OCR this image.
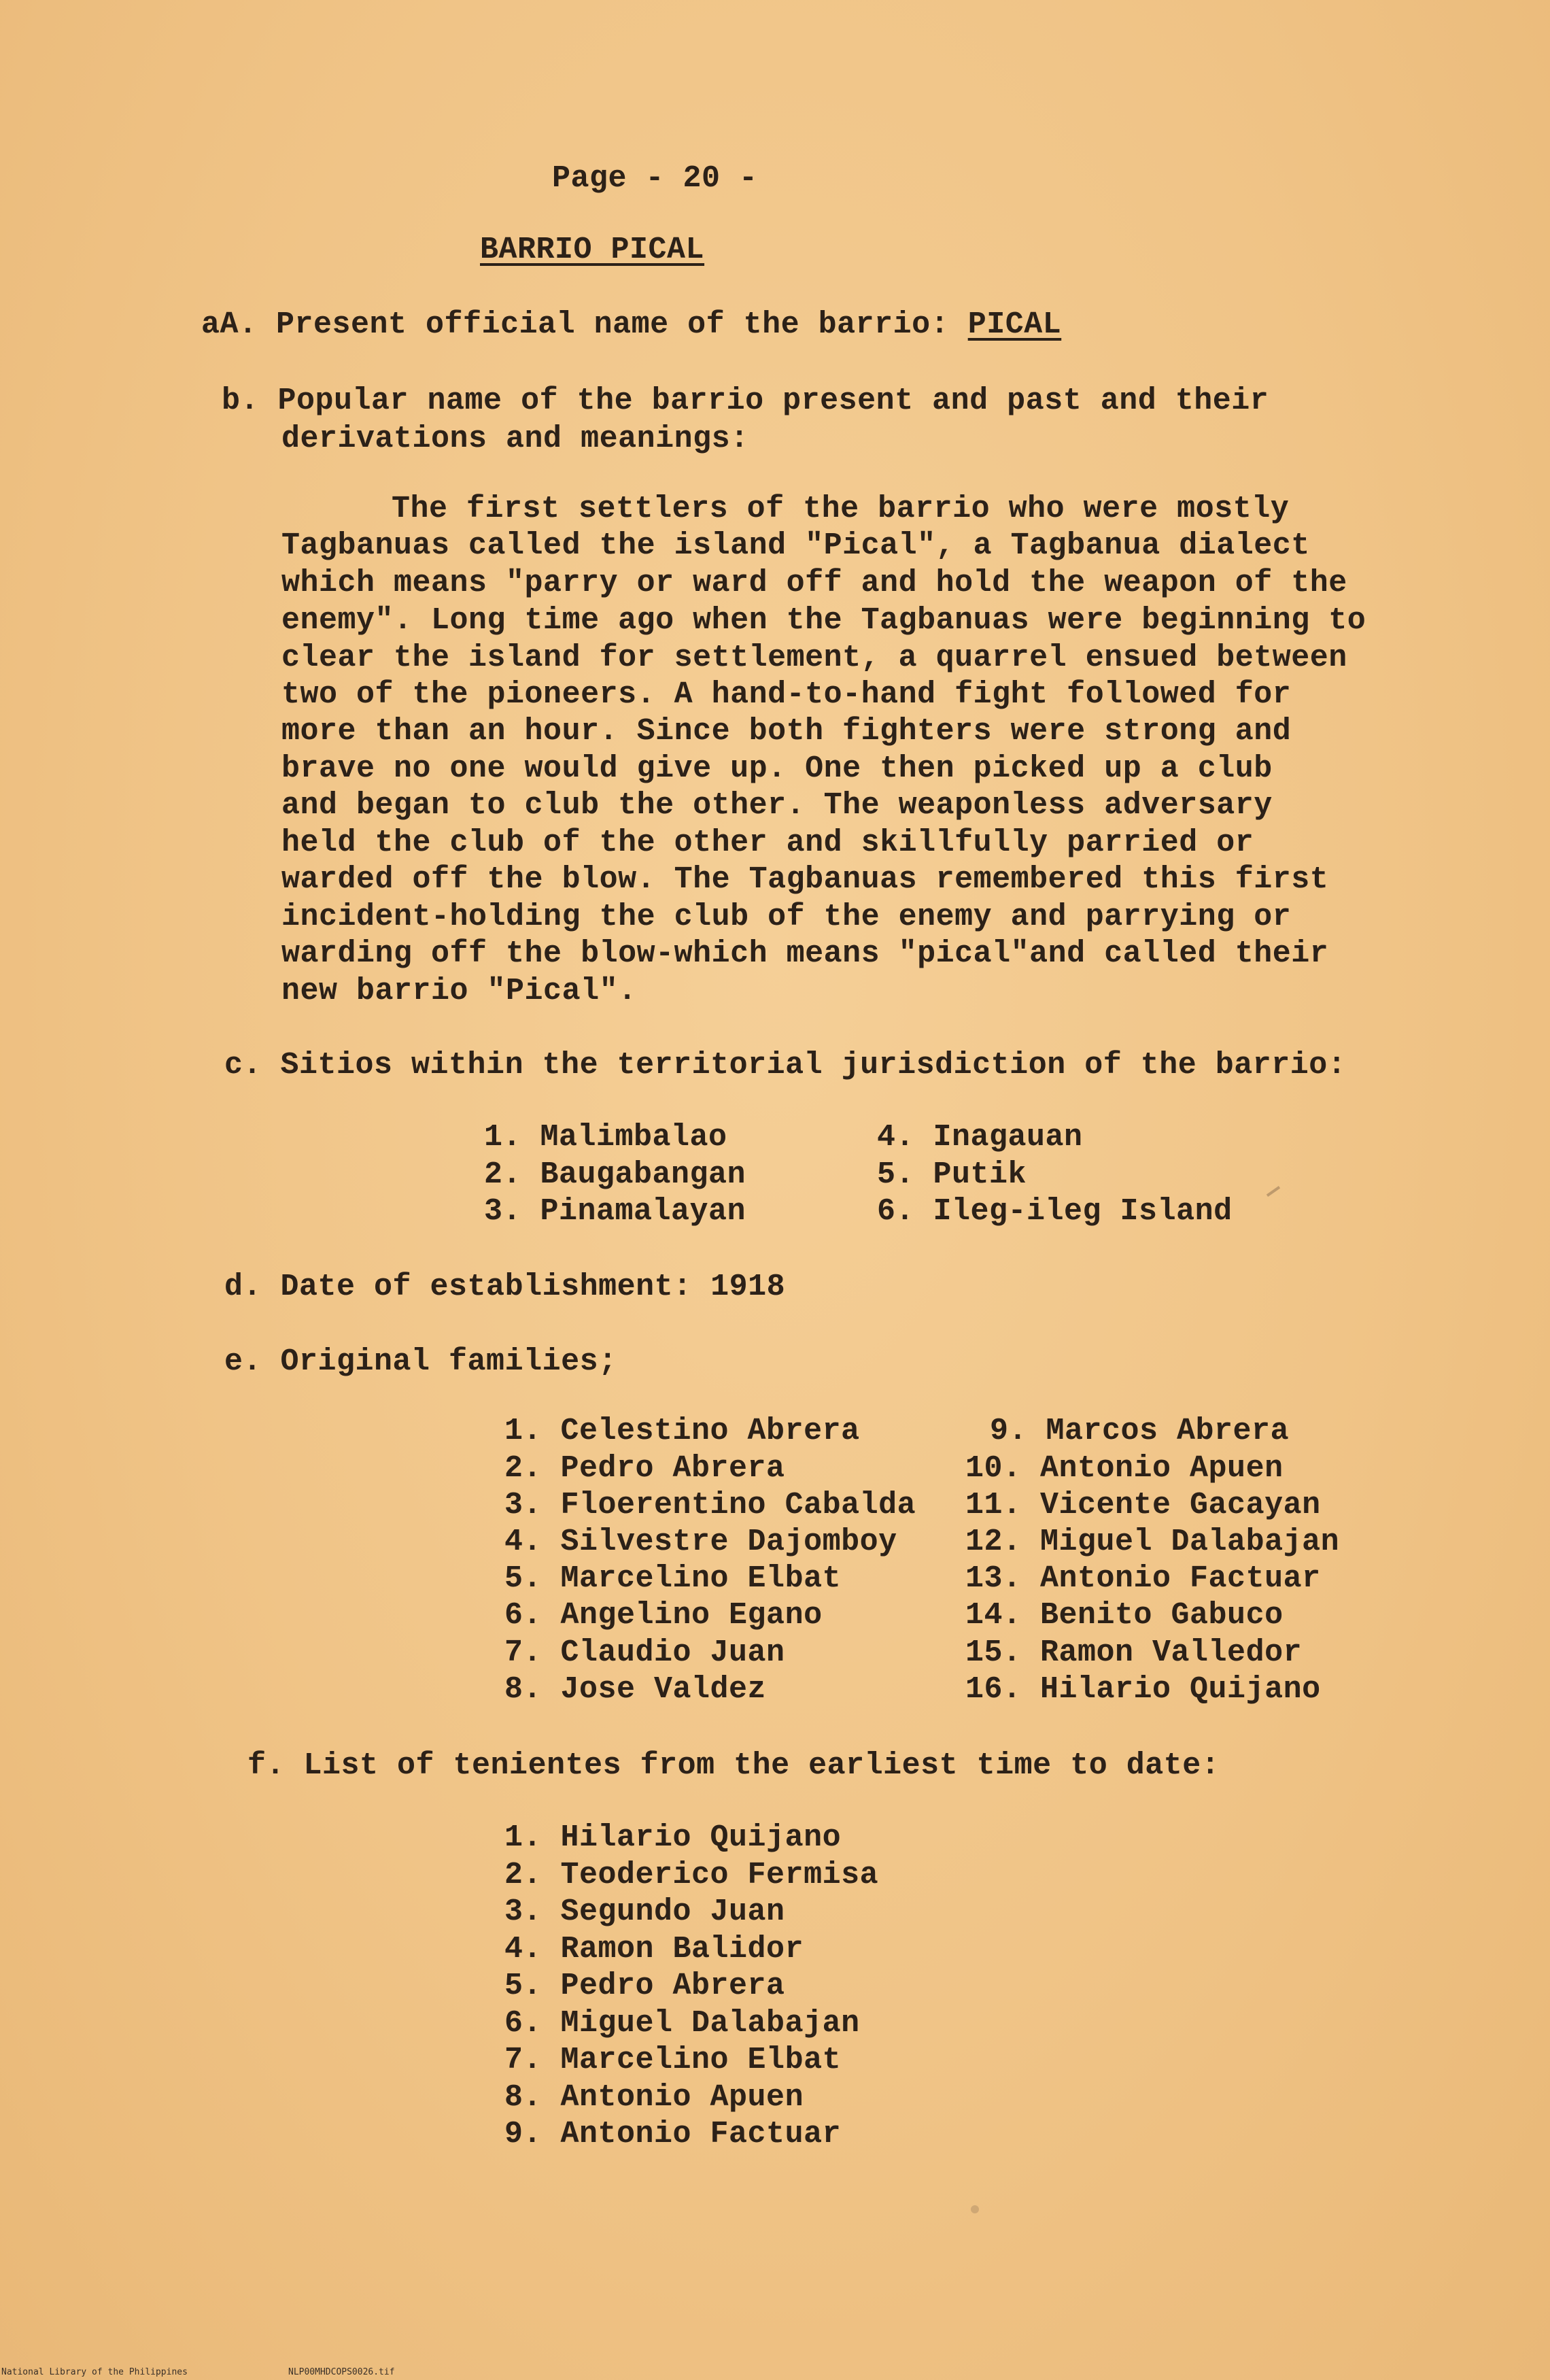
Page - 20 -
BARRIO PICAL
aA. Present official name of the barrio: PICAL
b. Popular name of the barrio present and past and their
derivations and meanings:
The first settlers of the barrio who were mostly
Tagbanuas called the island "Pical", a Tagbanua dialect
which means "parry or ward off and hold the weapon of the
enemy". Long time ago when the Tagbanuas were beginning to
clear the island for settlement, a quarrel ensued between
two of the pioneers. A hand-to-hand fight followed for
more than an hour. Since both fighters were strong and
brave no one would give up. One then picked up a club
and began to club the other. The weaponless adversary
held the club of the other and skillfully parried or
warded off the blow. The Tagbanuas remembered this first
incident-holding the club of the enemy and parrying or
warding off the blow-which means "pical"and called their
new barrio "Pical".
c. Sitios within the territorial jurisdiction of the barrio:
1. Malimbalao
2. Baugabangan
3. Pinamalayan
4. Inagauan
5. Putik
6. Ileg-ileg Island
d. Date of establishment: 1918
e. Original families;
1. Celestino Abrera
2. Pedro Abrera
3. Floerentino Cabalda
4. Silvestre Dajomboy
5. Marcelino Elbat
6. Angelino Egano
7. Claudio Juan
8. Jose Valdez
9. Marcos Abrera
10. Antonio Apuen
11. Vicente Gacayan
12. Miguel Dalabajan
13. Antonio Factuar
14. Benito Gabuco
15. Ramon Valledor
16. Hilario Quijano
f. List of tenientes from the earliest time to date:
1. Hilario Quijano
2. Teoderico Fermisa
3. Segundo Juan
4. Ramon Balidor
5. Pedro Abrera
6. Miguel Dalabajan
7. Marcelino Elbat
8. Antonio Apuen
9. Antonio Factuar
National Library of the Philippines	NLP00MHDCOPS0026.tif
